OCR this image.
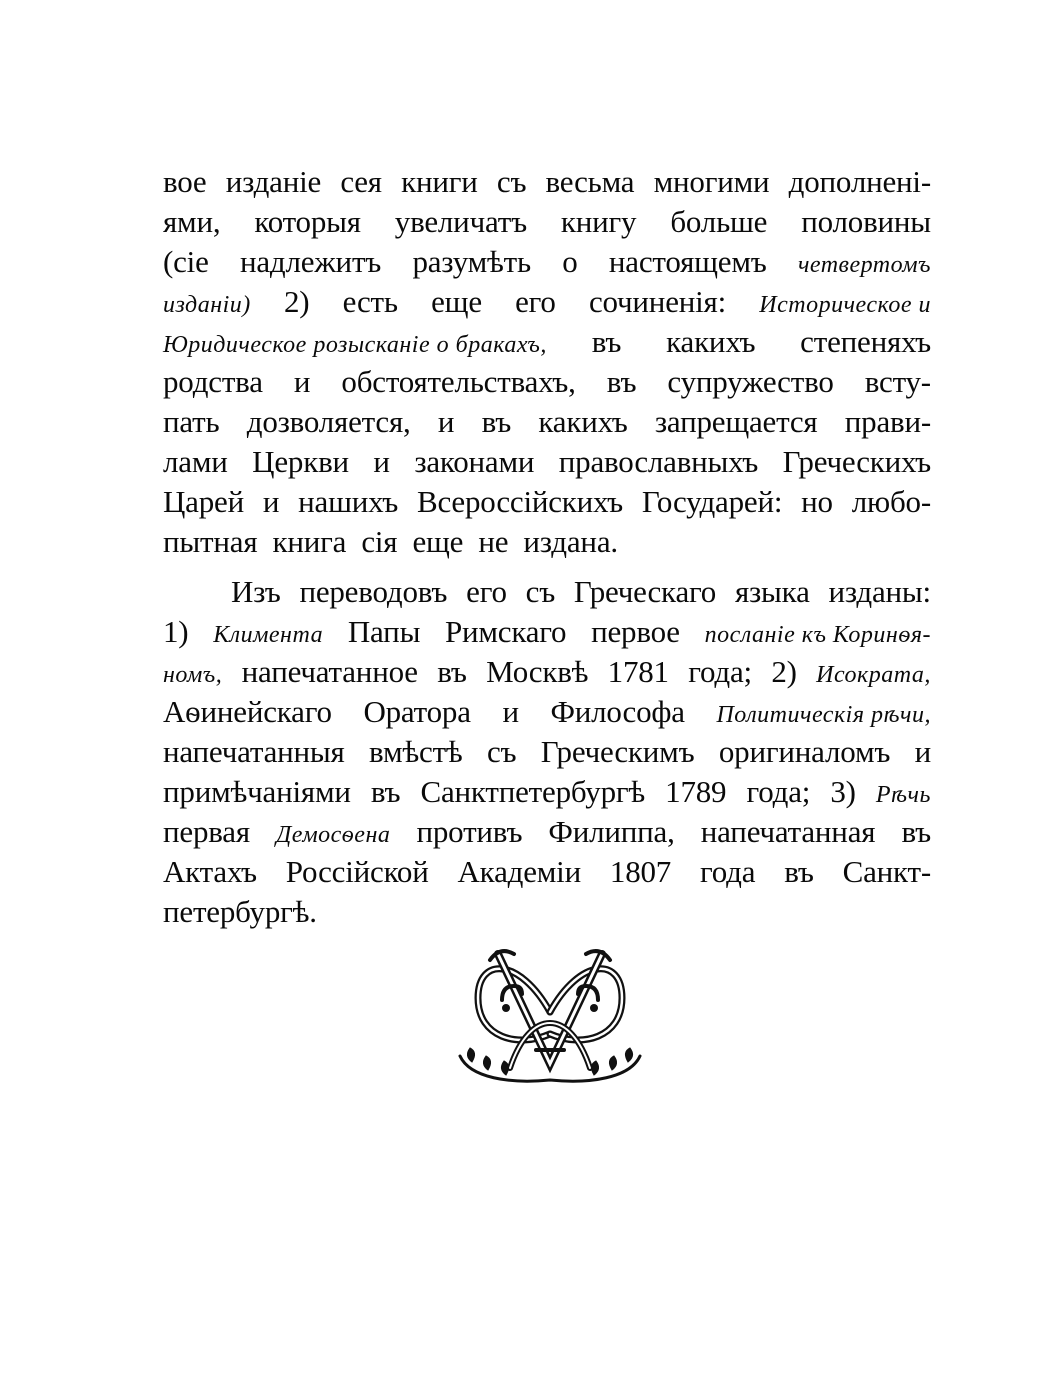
вое изданіе сея книги съ весьма многими дополненi-
ями, которыя увеличатъ книгу больше половины
(сіе надлежитъ разумѣть о настоящемъ четвертомъ
изданіи) 2) есть еще его сочиненія: Историческое и
Юридическое розысканіе о бракахъ, въ какихъ степеняхъ
родства и обстоятельствахъ, въ супружество всту-
пать дозволяется, и въ какихъ запрещается прави-
лами Церкви и законами православныхъ Греческихъ
Царей и нашихъ Всероссійскихъ Государей: но любо-
пытная
книга
сія
еще
не
издана.
Изъ переводовъ его съ Греческаго языка изданы:
1) Климента Папы Римскаго первое посланіе къ Коринѳя-
номъ, напечатанное въ Москвѣ 1781 года; 2) Исократа,
Аѳинейскаго Оратора и Философа Политическія рѣчи,
напечатанныя вмѣстѣ съ Греческимъ оригиналомъ и
примѣчаніями въ Санктпетербургѣ 1789 года; 3) Рѣчь
первая Демосѳена противъ Филиппа, напечатанная въ
Актахъ Россійской Академіи 1807 года въ Санкт-
петербургѣ.
